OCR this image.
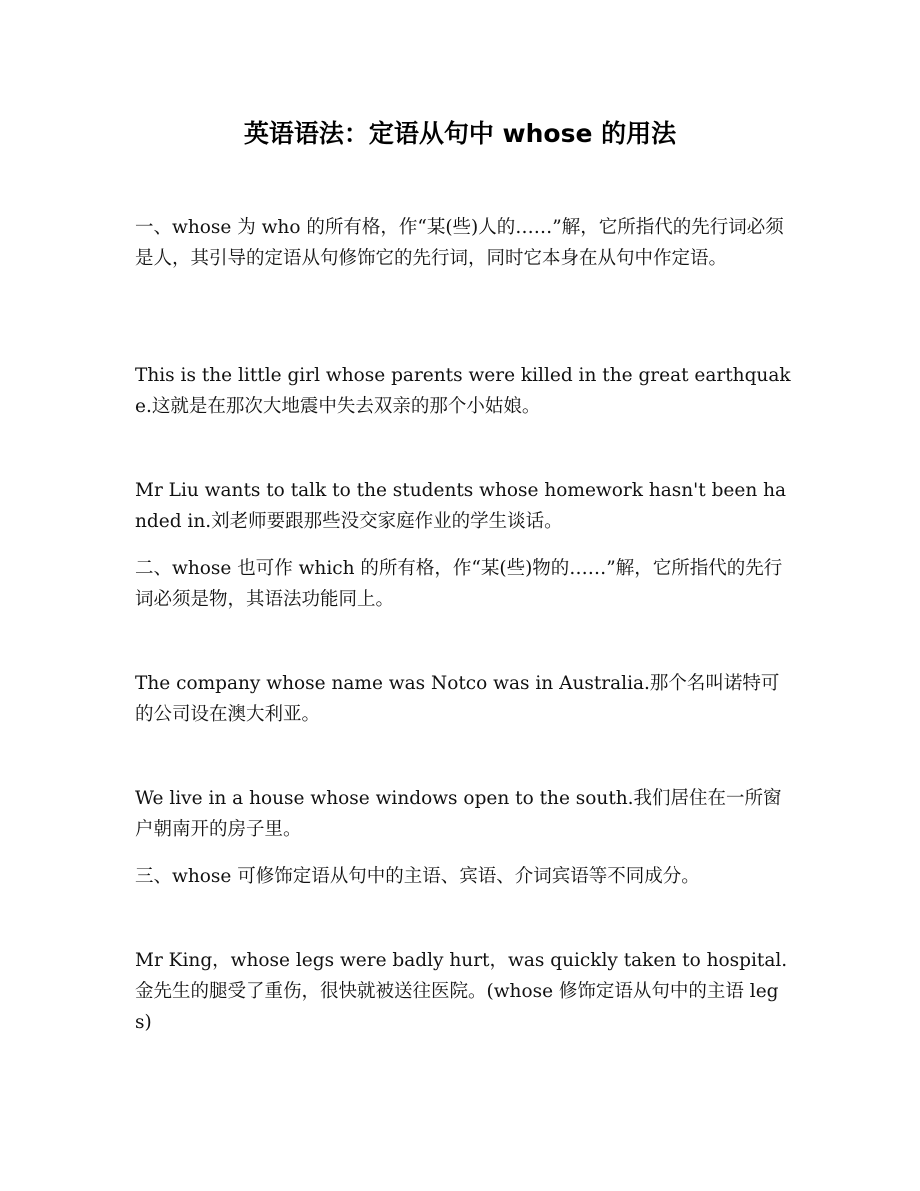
英语语法：定语从句中 whose 的用法

一、whose 为 who 的所有格，作“某(些)人的……”解，它所指代的先行词必须是人，其引导的定语从句修饰它的先行词，同时它本身在从句中作定语。

This is the little girl whose parents were killed in the great earthquake.这就是在那次大地震中失去双亲的那个小姑娘。

Mr Liu wants to talk to the students whose homework hasn't been handed in.刘老师要跟那些没交家庭作业的学生谈话。

二、whose 也可作 which 的所有格，作“某(些)物的……”解，它所指代的先行词必须是物，其语法功能同上。

The company whose name was Notco was in Australia.那个名叫诺特可的公司设在澳大利亚。

We live in a house whose windows open to the south.我们居住在一所窗户朝南开的房子里。

三、whose 可修饰定语从句中的主语、宾语、介词宾语等不同成分。

Mr King，whose legs were badly hurt，was quickly taken to hospital.金先生的腿受了重伤，很快就被送往医院。(whose 修饰定语从句中的主语 legs)
